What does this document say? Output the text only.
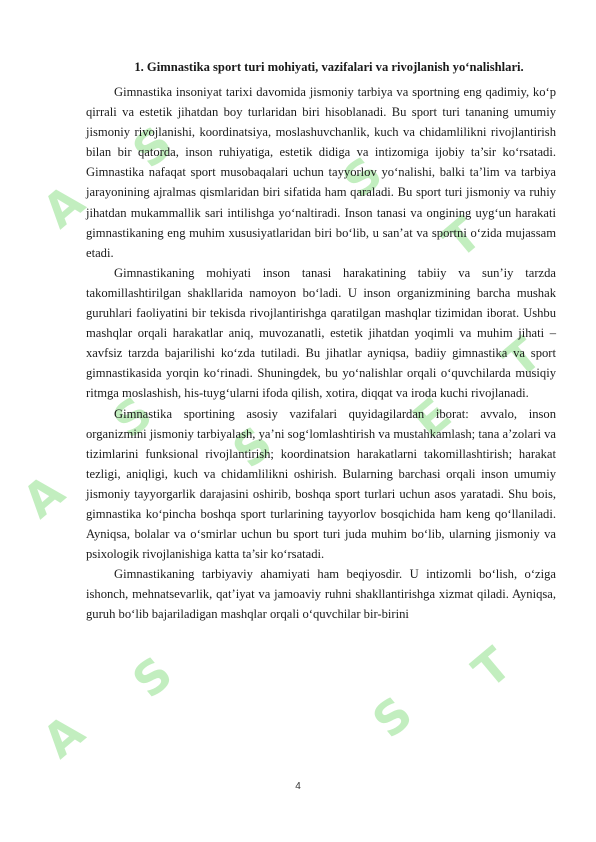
A
S	S
T
A
S S	E
T
A
S
S
T
1. Gimnastika sport turi mohiyati, vazifalari va rivojlanish yo‘nalishlari.

Gimnastika insoniyat tarixi davomida jismoniy tarbiya va sportning eng qadimiy, ko‘p qirrali va estetik jihatdan boy turlaridan biri hisoblanadi. Bu sport turi tananing umumiy jismoniy rivojlanishi, koordinatsiya, moslashuvchanlik, kuch va chidamlilikni rivojlantirish bilan bir qatorda, inson ruhiyatiga, estetik didiga va intizomiga ijobiy ta’sir ko‘rsatadi. Gimnastika nafaqat sport musobaqalari uchun tayyorlov yo‘nalishi, balki ta’lim va tarbiya jarayonining ajralmas qismlaridan biri sifatida ham qaraladi. Bu sport turi jismoniy va ruhiy jihatdan mukammallik sari intilishga yo‘naltiradi. Inson tanasi va ongining uyg‘un harakati gimnastikaning eng muhim xususiyatlaridan biri bo‘lib, u san’at va sportni o‘zida mujassam etadi.

Gimnastikaning mohiyati inson tanasi harakatining tabiiy va sun’iy tarzda takomillashtirilgan shakllarida namoyon bo‘ladi. U inson organizmining barcha mushak guruhlari faoliyatini bir tekisda rivojlantirishga qaratilgan mashqlar tizimidan iborat. Ushbu mashqlar orqali harakatlar aniq, muvozanatli, estetik jihatdan yoqimli va muhim jihati – xavfsiz tarzda bajarilishi ko‘zda tutiladi. Bu jihatlar ayniqsa, badiiy gimnastika va sport gimnastikasida yorqin ko‘rinadi. Shuningdek, bu yo‘nalishlar orqali o‘quvchilarda musiqiy ritmga moslashish, his-tuyg‘ularni ifoda qilish, xotira, diqqat va iroda kuchi rivojlanadi.

Gimnastika sportining asosiy vazifalari quyidagilardan iborat: avvalo, inson organizmini jismoniy tarbiyalash, ya’ni sog‘lomlashtirish va mustahkamlash; tana a’zolari va tizimlarini funksional rivojlantirish; koordinatsion harakatlarni takomillashtirish; harakat tezligi, aniqligi, kuch va chidamlilikni oshirish. Bularning barchasi orqali inson umumiy jismoniy tayyorgarlik darajasini oshirib, boshqa sport turlari uchun asos yaratadi. Shu bois, gimnastika ko‘pincha boshqa sport turlarining tayyorlov bosqichida ham keng qo‘llaniladi. Ayniqsa, bolalar va o‘smirlar uchun bu sport turi juda muhim bo‘lib, ularning jismoniy va psixologik rivojlanishiga katta ta’sir ko‘rsatadi.

Gimnastikaning tarbiyaviy ahamiyati ham beqiyosdir. U intizomli bo‘lish, o‘ziga ishonch, mehnatsevarlik, qat’iyat va jamoaviy ruhni shakllantirishga xizmat qiladi. Ayniqsa, guruh bo‘lib bajariladigan mashqlar orqali o‘quvchilar bir-birini

4
